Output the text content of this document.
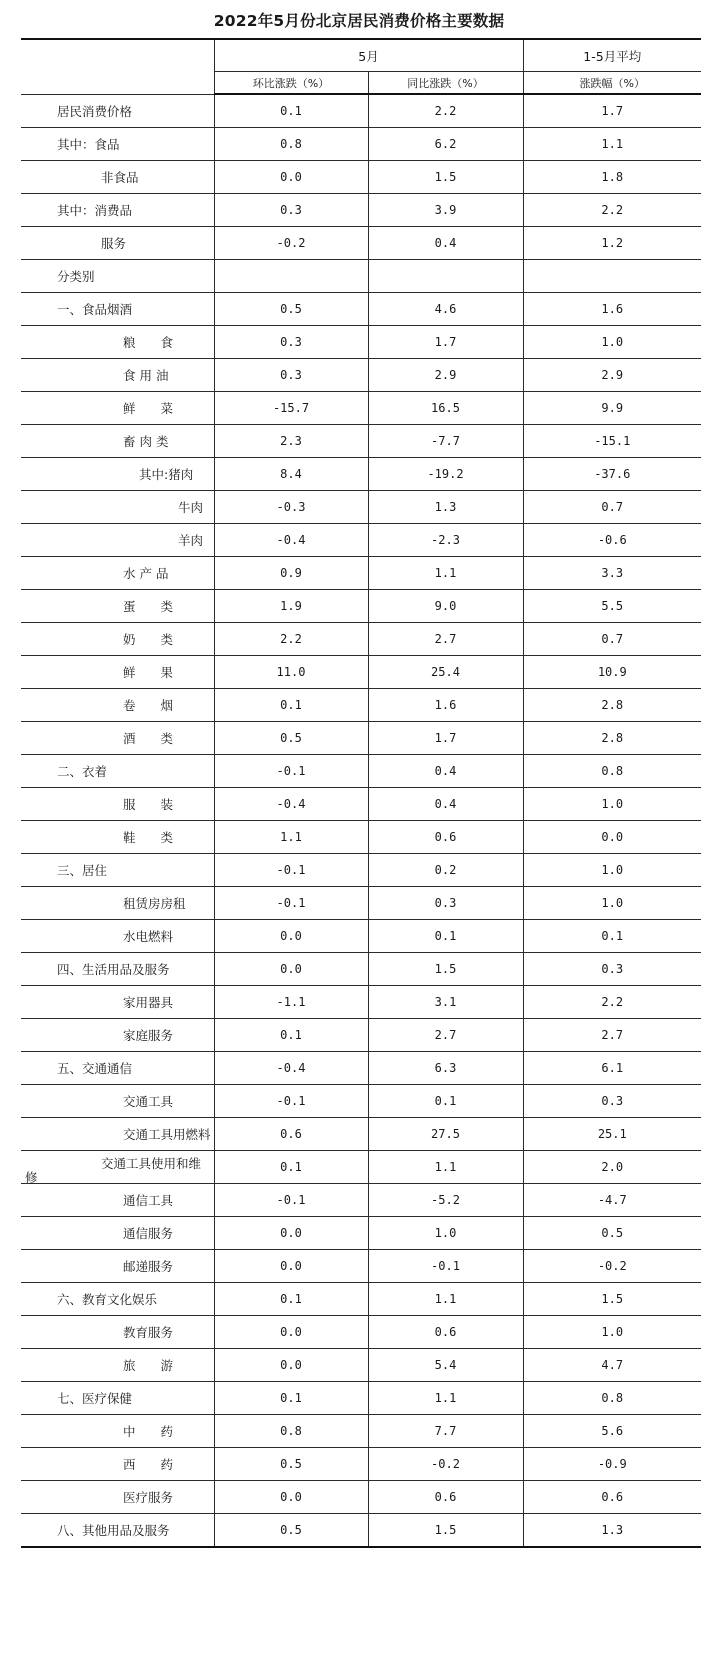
2022年5月份北京居民消费价格主要数据
	5月		1-5月平均
	环比涨跌（%）	同比涨跌（%）	涨跌幅（%）
居民消费价格	0.1	2.2	1.7
其中：食品	0.8	6.2	1.1
非食品	0.0	1.5	1.8
其中：消费品	0.3	3.9	2.2
服务	-0.2	0.4	1.2
分类别			
一、食品烟酒	0.5	4.6	1.6
粮　　食	0.3	1.7	1.0
食 用 油	0.3	2.9	2.9
鲜　　菜	-15.7	16.5	9.9
畜 肉 类	2.3	-7.7	-15.1
其中:猪肉	8.4	-19.2	-37.6
牛肉	-0.3	1.3	0.7
羊肉	-0.4	-2.3	-0.6
水 产 品	0.9	1.1	3.3
蛋　　类	1.9	9.0	5.5
奶　　类	2.2	2.7	0.7
鲜　　果	11.0	25.4	10.9
卷　　烟	0.1	1.6	2.8
酒　　类	0.5	1.7	2.8
二、衣着	-0.1	0.4	0.8
服　　装	-0.4	0.4	1.0
鞋　　类	1.1	0.6	0.0
三、居住	-0.1	0.2	1.0
租赁房房租	-0.1	0.3	1.0
水电燃料	0.0	0.1	0.1
四、生活用品及服务	0.0	1.5	0.3
家用器具	-1.1	3.1	2.2
家庭服务	0.1	2.7	2.7
五、交通通信	-0.4	6.3	6.1
交通工具	-0.1	0.1	0.3
交通工具用燃料	0.6	27.5	25.1

交通工具使用和维
修	0.1	1.1	2.0
通信工具	-0.1	-5.2	-4.7
通信服务	0.0	1.0	0.5
邮递服务	0.0	-0.1	-0.2
六、教育文化娱乐	0.1	1.1	1.5
教育服务	0.0	0.6	1.0
旅　　游	0.0	5.4	4.7
七、医疗保健	0.1	1.1	0.8
中　　药	0.8	7.7	5.6
西　　药	0.5	-0.2	-0.9
医疗服务	0.0	0.6	0.6
八、其他用品及服务	0.5	1.5	1.3
